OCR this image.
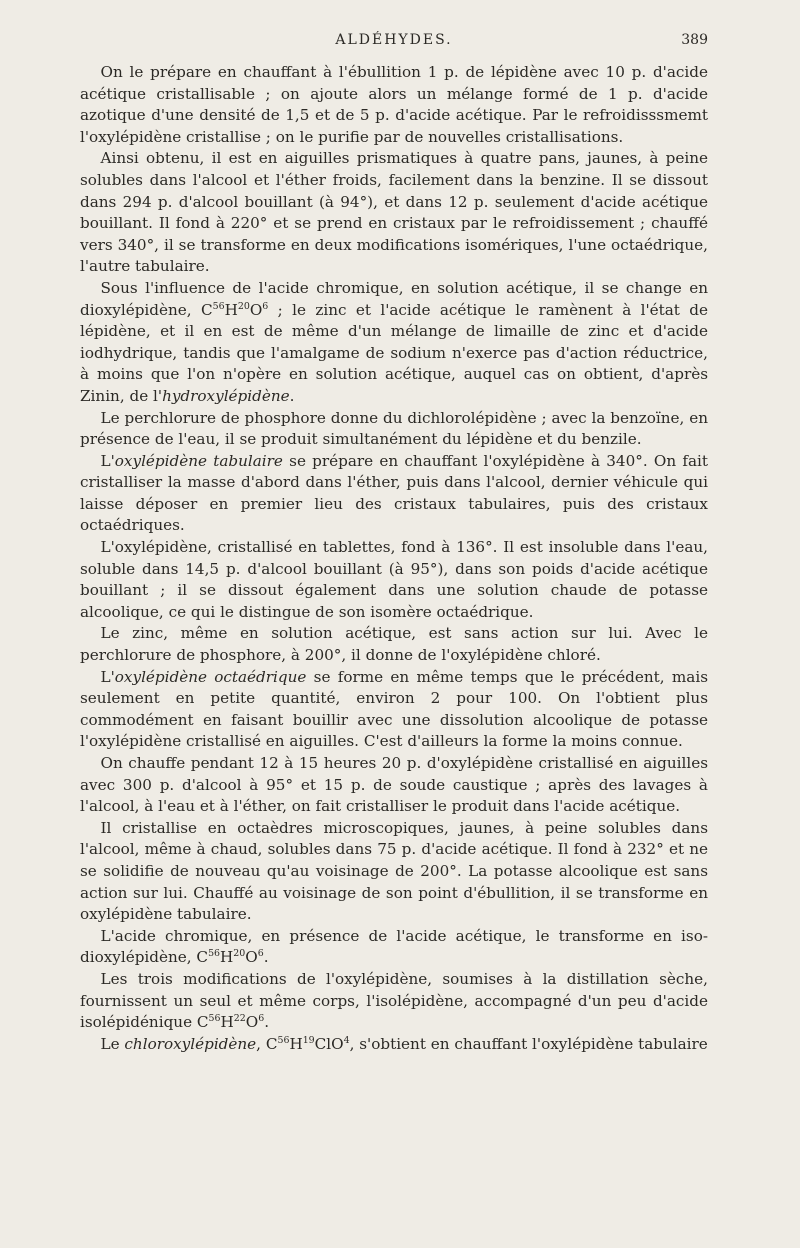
ALDÉHYDES.	389

On le prépare en chauffant à l'ébullition 1 p. de lépidène avec 10 p. d'acide acétique cristallisable ; on ajoute alors un mélange formé de 1 p. d'acide azotique d'une densité de 1,5 et de 5 p. d'acide acétique. Par le refroidisssmemt l'oxylépidène cristallise ; on le purifie par de nouvelles cristallisations.

Ainsi obtenu, il est en aiguilles prismatiques à quatre pans, jaunes, à peine solubles dans l'alcool et l'éther froids, facilement dans la benzine. Il se dissout dans 294 p. d'alcool bouillant (à 94°), et dans 12 p. seulement d'acide acétique bouillant. Il fond à 220° et se prend en cristaux par le refroidissement ; chauffé vers 340°, il se transforme en deux modifications isomériques, l'une octaédrique, l'autre tabulaire.

Sous l'influence de l'acide chromique, en solution acétique, il se change en dioxylépidène, $C^{56}H^{20}O^6$ ; le zinc et l'acide acétique le ramènent à l'état de lépidène, et il en est de même d'un mélange de limaille de zinc et d'acide iodhydrique, tandis que l'amalgame de sodium n'exerce pas d'action réductrice, à moins que l'on n'opère en solution acétique, auquel cas on obtient, d'après Zinin, de l'hydroxylépidène.

Le perchlorure de phosphore donne du dichlorolépidène ; avec la benzoïne, en présence de l'eau, il se produit simultanément du lépidène et du benzile.

L'oxylépidène tabulaire se prépare en chauffant l'oxylépidène à 340°. On fait cristalliser la masse d'abord dans l'éther, puis dans l'alcool, dernier véhicule qui laisse déposer en premier lieu des cristaux tabulaires, puis des cristaux octaédriques.

L'oxylépidène, cristallisé en tablettes, fond à 136°. Il est insoluble dans l'eau, soluble dans 14,5 p. d'alcool bouillant (à 95°), dans son poids d'acide acétique bouillant ; il se dissout également dans une solution chaude de potasse alcoolique, ce qui le distingue de son isomère octaédrique.

Le zinc, même en solution acétique, est sans action sur lui. Avec le perchlorure de phosphore, à 200°, il donne de l'oxylépidène chloré.

L'oxylépidène octaédrique se forme en même temps que le précédent, mais seulement en petite quantité, environ 2 pour 100. On l'obtient plus commodément en faisant bouillir avec une dissolution alcoolique de potasse l'oxylépidène cristallisé en aiguilles. C'est d'ailleurs la forme la moins connue.

On chauffe pendant 12 à 15 heures 20 p. d'oxylépidène cristallisé en aiguilles avec 300 p. d'alcool à 95° et 15 p. de soude caustique ; après des lavages à l'alcool, à l'eau et à l'éther, on fait cristalliser le produit dans l'acide acétique.

Il cristallise en octaèdres microscopiques, jaunes, à peine solubles dans l'alcool, même à chaud, solubles dans 75 p. d'acide acétique. Il fond à 232° et ne se solidifie de nouveau qu'au voisinage de 200°. La potasse alcoolique est sans action sur lui. Chauffé au voisinage de son point d'ébullition, il se transforme en oxylépidène tabulaire.

L'acide chromique, en présence de l'acide acétique, le transforme en iso-dioxylépidène, $C^{56}H^{20}O^6$.

Les trois modifications de l'oxylépidène, soumises à la distillation sèche, fournissent un seul et même corps, l'isolépidène, accompagné d'un peu d'acide isolépidénique $C^{56}H^{22}O^6$.

Le chloroxylépidène, $C^{56}H^{19}ClO^4$, s'obtient en chauffant l'oxylépidène tabulaire
